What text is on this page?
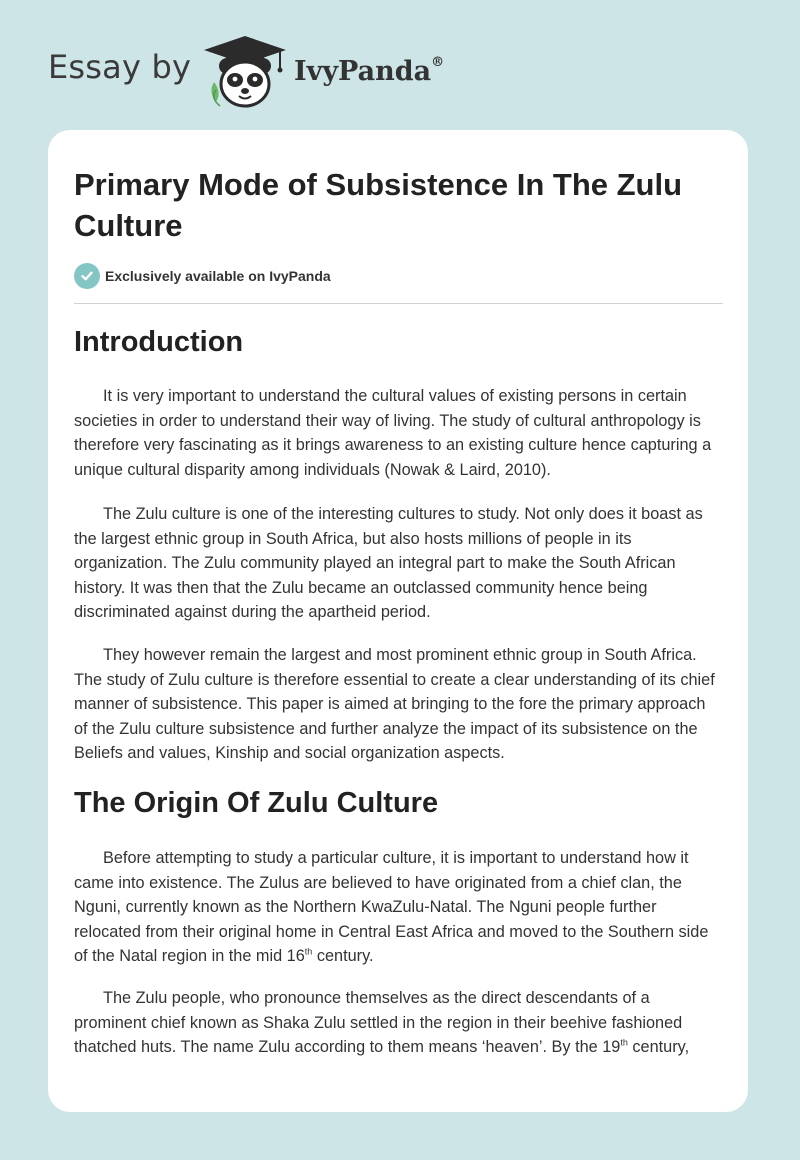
Essay by	IvyPanda®
Primary Mode of Subsistence In The Zulu Culture
Exclusively available on IvyPanda
Introduction

It is very important to understand the cultural values of existing persons in certain societies in order to understand their way of living. The study of cultural anthropology is therefore very fascinating as it brings awareness to an existing culture hence capturing a unique cultural disparity among individuals (Nowak & Laird, 2010).

The Zulu culture is one of the interesting cultures to study. Not only does it boast as the largest ethnic group in South Africa, but also hosts millions of people in its organization. The Zulu community played an integral part to make the South African history. It was then that the Zulu became an outclassed community hence being discriminated against during the apartheid period.

They however remain the largest and most prominent ethnic group in South Africa. The study of Zulu culture is therefore essential to create a clear understanding of its chief manner of subsistence. This paper is aimed at bringing to the fore the primary approach of the Zulu culture subsistence and further analyze the impact of its subsistence on the Beliefs and values, Kinship and social organization aspects.

The Origin Of Zulu Culture

Before attempting to study a particular culture, it is important to understand how it came into existence. The Zulus are believed to have originated from a chief clan, the Nguni, currently known as the Northern KwaZulu-Natal. The Nguni people further relocated from their original home in Central East Africa and moved to the Southern side of the Natal region in the mid 16th century.

The Zulu people, who pronounce themselves as the direct descendants of a prominent chief known as Shaka Zulu settled in the region in their beehive fashioned thatched huts. The name Zulu according to them means ‘heaven’. By the 19th century,
